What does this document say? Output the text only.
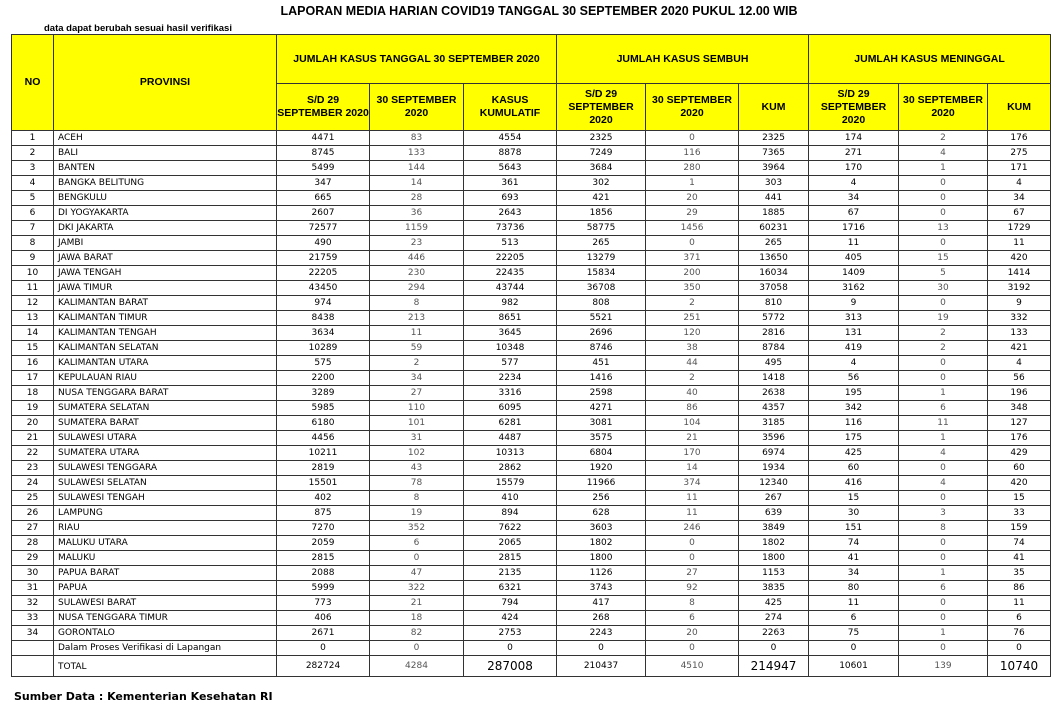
LAPORAN MEDIA HARIAN COVID19 TANGGAL 30 SEPTEMBER 2020 PUKUL 12.00 WIB
data dapat berubah sesuai hasil verifikasi
NO	PROVINSI	JUMLAH KASUS TANGGAL 30 SEPTEMBER 2020			JUMLAH KASUS SEMBUH			JUMLAH KASUS MENINGGAL		
		S/D 29 SEPTEMBER 2020	30 SEPTEMBER 2020	KASUS KUMULATIF	S/D 29 SEPTEMBER 2020	30 SEPTEMBER 2020	KUM	S/D 29 SEPTEMBER 2020	30 SEPTEMBER 2020	KUM
1	ACEH	4471	83	4554	2325	0	2325	174	2	176
2	BALI	8745	133	8878	7249	116	7365	271	4	275
3	BANTEN	5499	144	5643	3684	280	3964	170	1	171
4	BANGKA BELITUNG	347	14	361	302	1	303	4	0	4
5	BENGKULU	665	28	693	421	20	441	34	0	34
6	DI YOGYAKARTA	2607	36	2643	1856	29	1885	67	0	67
7	DKI JAKARTA	72577	1159	73736	58775	1456	60231	1716	13	1729
8	JAMBI	490	23	513	265	0	265	11	0	11
9	JAWA BARAT	21759	446	22205	13279	371	13650	405	15	420
10	JAWA TENGAH	22205	230	22435	15834	200	16034	1409	5	1414
11	JAWA TIMUR	43450	294	43744	36708	350	37058	3162	30	3192
12	KALIMANTAN BARAT	974	8	982	808	2	810	9	0	9
13	KALIMANTAN TIMUR	8438	213	8651	5521	251	5772	313	19	332
14	KALIMANTAN TENGAH	3634	11	3645	2696	120	2816	131	2	133
15	KALIMANTAN SELATAN	10289	59	10348	8746	38	8784	419	2	421
16	KALIMANTAN UTARA	575	2	577	451	44	495	4	0	4
17	KEPULAUAN RIAU	2200	34	2234	1416	2	1418	56	0	56
18	NUSA TENGGARA BARAT	3289	27	3316	2598	40	2638	195	1	196
19	SUMATERA SELATAN	5985	110	6095	4271	86	4357	342	6	348
20	SUMATERA BARAT	6180	101	6281	3081	104	3185	116	11	127
21	SULAWESI UTARA	4456	31	4487	3575	21	3596	175	1	176
22	SUMATERA UTARA	10211	102	10313	6804	170	6974	425	4	429
23	SULAWESI TENGGARA	2819	43	2862	1920	14	1934	60	0	60
24	SULAWESI SELATAN	15501	78	15579	11966	374	12340	416	4	420
25	SULAWESI TENGAH	402	8	410	256	11	267	15	0	15
26	LAMPUNG	875	19	894	628	11	639	30	3	33
27	RIAU	7270	352	7622	3603	246	3849	151	8	159
28	MALUKU UTARA	2059	6	2065	1802	0	1802	74	0	74
29	MALUKU	2815	0	2815	1800	0	1800	41	0	41
30	PAPUA BARAT	2088	47	2135	1126	27	1153	34	1	35
31	PAPUA	5999	322	6321	3743	92	3835	80	6	86
32	SULAWESI BARAT	773	21	794	417	8	425	11	0	11
33	NUSA TENGGARA TIMUR	406	18	424	268	6	274	6	0	6
34	GORONTALO	2671	82	2753	2243	20	2263	75	1	76
	Dalam Proses Verifikasi di Lapangan	0	0	0	0	0	0	0	0	0
	TOTAL	282724	4284	287008	210437	4510	214947	10601	139	10740
Sumber Data : Kementerian Kesehatan RI
